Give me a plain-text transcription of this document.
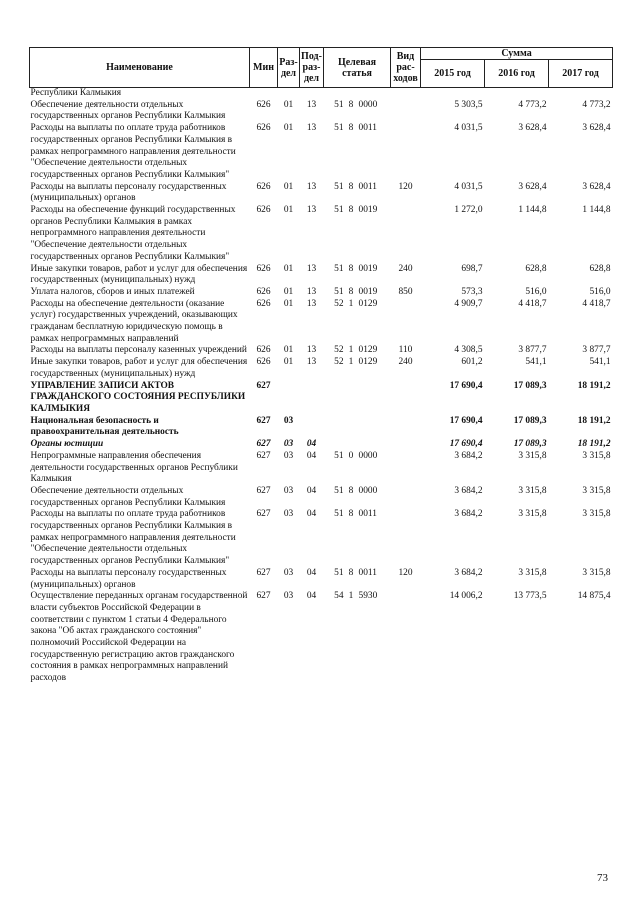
Наименование	Мин	Раз-дел	Под-раз-дел	Целевая статья			Вид рас-ходов	Сумма		
								2015 год	2016 год	2017 год
Республики Калмыкия										
Обеспечение деятельности отдельных государственных органов Республики Калмыкия	626	01	13	51	8	0000		5 303,5	4 773,2	4 773,2
Расходы на выплаты по оплате труда работников государственных органов Республики Калмыкия в рамках непрограммного направления деятельности "Обеспечение деятельности отдельных государственных органов Республики Калмыкия"	626	01	13	51	8	0011		4 031,5	3 628,4	3 628,4
Расходы на выплаты персоналу государственных (муниципальных) органов	626	01	13	51	8	0011	120	4 031,5	3 628,4	3 628,4
Расходы на обеспечение функций государственных органов Республики Калмыкия в рамках непрограммного направления деятельности "Обеспечение деятельности отдельных государственных органов Республики Калмыкия"	626	01	13	51	8	0019		1 272,0	1 144,8	1 144,8
Иные закупки товаров, работ и услуг для обеспечения государственных (муниципальных) нужд	626	01	13	51	8	0019	240	698,7	628,8	628,8
Уплата налогов, сборов и иных платежей	626	01	13	51	8	0019	850	573,3	516,0	516,0
Расходы на обеспечение деятельности (оказание услуг) государственных учреждений, оказывающих гражданам бесплатную юридическую помощь в рамках непрограммных направлений	626	01	13	52	1	0129		4 909,7	4 418,7	4 418,7
Расходы на выплаты персоналу казенных учреждений	626	01	13	52	1	0129	110	4 308,5	3 877,7	3 877,7
Иные закупки товаров, работ и услуг для обеспечения государственных (муниципальных) нужд	626	01	13	52	1	0129	240	601,2	541,1	541,1
УПРАВЛЕНИЕ ЗАПИСИ АКТОВ ГРАЖДАНСКОГО СОСТОЯНИЯ РЕСПУБЛИКИ КАЛМЫКИЯ	627							17 690,4	17 089,3	18 191,2
Национальная безопасность и правоохранительная деятельность	627	03						17 690,4	17 089,3	18 191,2
Органы юстиции	627	03	04					17 690,4	17 089,3	18 191,2
Непрограммные направления обеспечения деятельности государственных органов Республики Калмыкия	627	03	04	51	0	0000		3 684,2	3 315,8	3 315,8
Обеспечение деятельности отдельных государственных органов Республики Калмыкия	627	03	04	51	8	0000		3 684,2	3 315,8	3 315,8
Расходы на выплаты по оплате труда работников государственных органов Республики Калмыкия в рамках непрограммного направления деятельности "Обеспечение деятельности отдельных государственных органов Республики Калмыкия"	627	03	04	51	8	0011		3 684,2	3 315,8	3 315,8
Расходы на выплаты персоналу государственных (муниципальных) органов	627	03	04	51	8	0011	120	3 684,2	3 315,8	3 315,8
Осуществление переданных органам государственной власти субъектов Российской Федерации в соответствии с пунктом 1 статьи 4 Федерального закона "Об актах гражданского состояния" полномочий Российской Федерации на государственную регистрацию актов гражданского состояния в рамках непрограммных направлений расходов	627	03	04	54	1	5930		14 006,2	13 773,5	14 875,4
73
